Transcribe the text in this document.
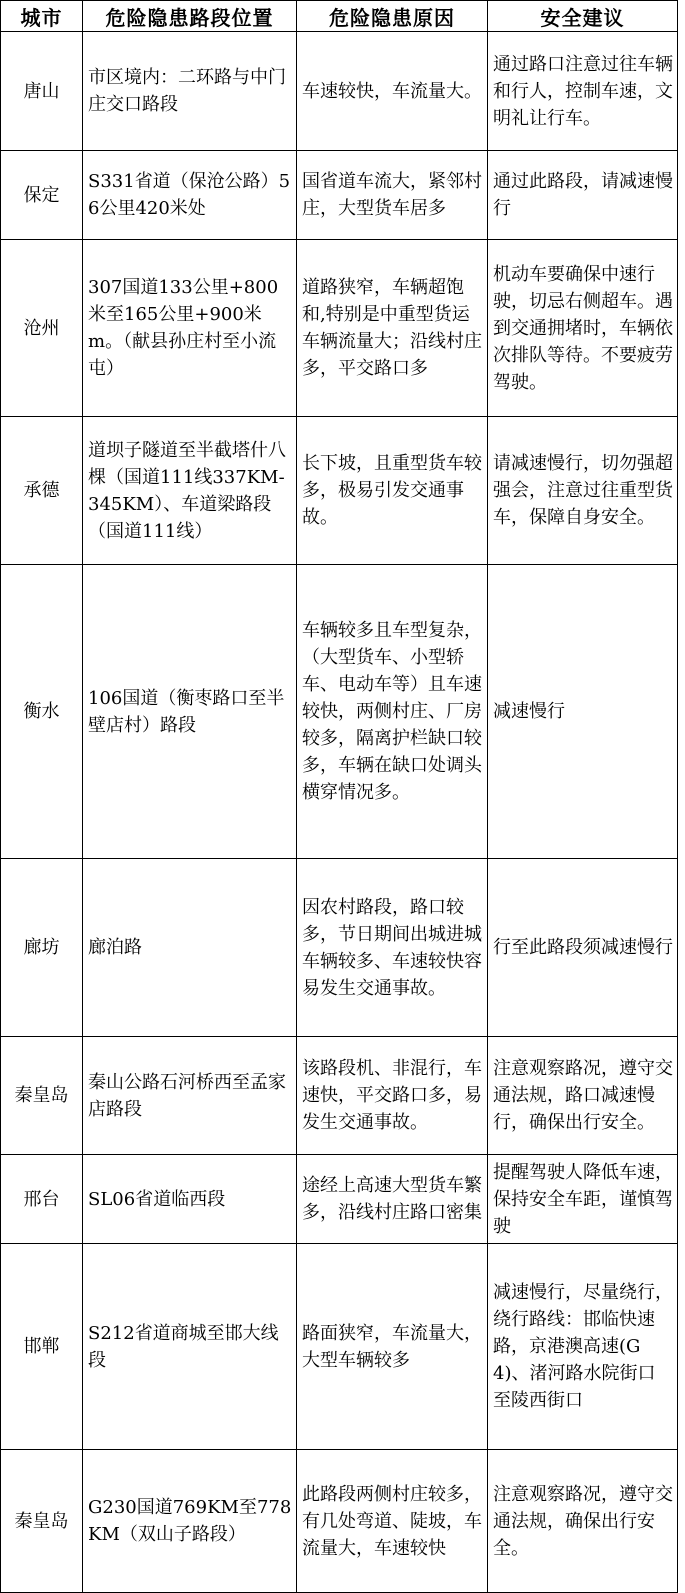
城市	危险隐患路段位置	危险隐患原因	安全建议
唐山	市区境内：二环路与中门庄交口路段	车速较快，车流量大。	通过路口注意过往车辆和行人，控制车速，文明礼让行车。
保定	S331省道（保沧公路）56公里420米处	国省道车流大，紧邻村庄，大型货车居多	通过此路段，请减速慢行
沧州	307国道133公里+800米至165公里+900米m。（献县孙庄村至小流屯）	道路狭窄，车辆超饱和,特别是中重型货运车辆流量大；沿线村庄多，平交路口多	机动车要确保中速行驶，切忌右侧超车。遇到交通拥堵时，车辆依次排队等待。不要疲劳驾驶。
承德	道坝子隧道至半截塔什八棵（国道111线337KM-345KM）、车道梁路段（国道111线）	长下坡，且重型货车较多，极易引发交通事故。	请减速慢行，切勿强超强会，注意过往重型货车，保障自身安全。
衡水	106国道（衡枣路口至半壁店村）路段	车辆较多且车型复杂，（大型货车、小型轿车、电动车等）且车速较快，两侧村庄、厂房较多，隔离护栏缺口较多，车辆在缺口处调头横穿情况多。	减速慢行
廊坊	廊泊路	因农村路段，路口较多，节日期间出城进城车辆较多、车速较快容易发生交通事故。	行至此路段须减速慢行
秦皇岛	秦山公路石河桥西至孟家店路段	该路段机、非混行，车速快，平交路口多，易发生交通事故。	注意观察路况，遵守交通法规，路口减速慢行，确保出行安全。
邢台	SL06省道临西段	途经上高速大型货车繁多，沿线村庄路口密集	提醒驾驶人降低车速，保持安全车距，谨慎驾驶
邯郸	S212省道商城至邯大线段	路面狭窄，车流量大，大型车辆较多	减速慢行，尽量绕行，绕行路线：邯临快速路，京港澳高速(G4)、渚河路水院街口至陵西街口
秦皇岛	G230国道769KM至778KM（双山子路段）	此路段两侧村庄较多，有几处弯道、陡坡，车流量大，车速较快	注意观察路况，遵守交通法规，确保出行安全。
